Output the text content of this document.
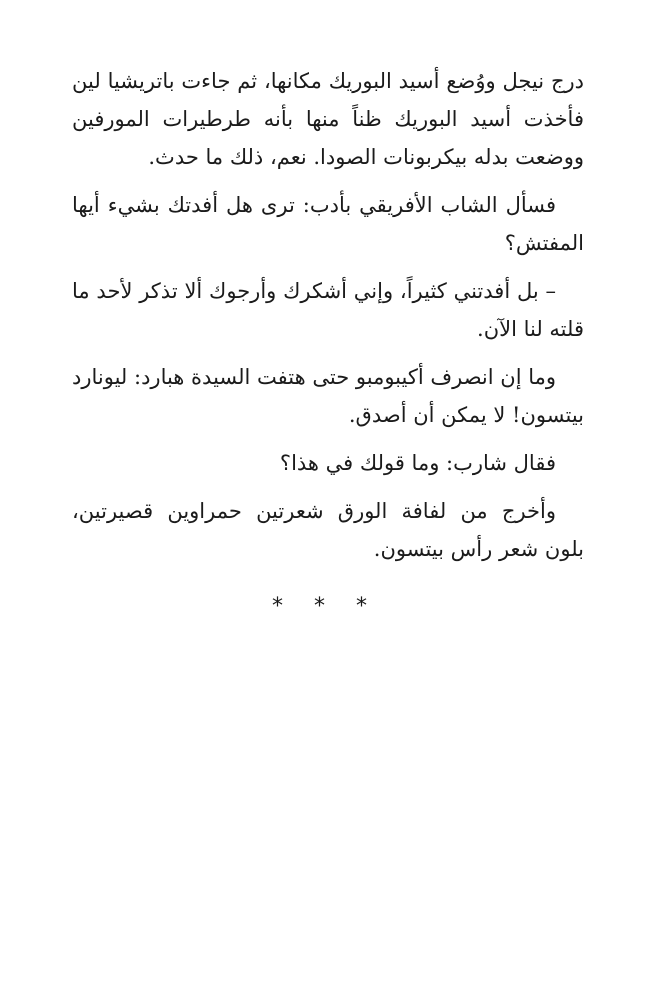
درج نيجل ووُضع أسيد البوريك مكانها، ثم جاءت باتريشيا لين فأخذت أسيد البوريك ظناً منها بأنه طرطيرات المورفين ووضعت بدله بيكربونات الصودا. نعم، ذلك ما حدث.

فسأل الشاب الأفريقي بأدب: ترى هل أفدتك بشيء أيها المفتش؟

– بل أفدتني كثيراً، وإني أشكرك وأرجوك ألا تذكر لأحد ما قلته لنا الآن.

وما إن انصرف أكيبومبو حتى هتفت السيدة هبارد: ليونارد بيتسون! لا يمكن أن أصدق.

فقال شارب: وما قولك في هذا؟

وأخرج من لفافة الورق شعرتين حمراوين قصيرتين، بلون شعر رأس بيتسون.

* * *
